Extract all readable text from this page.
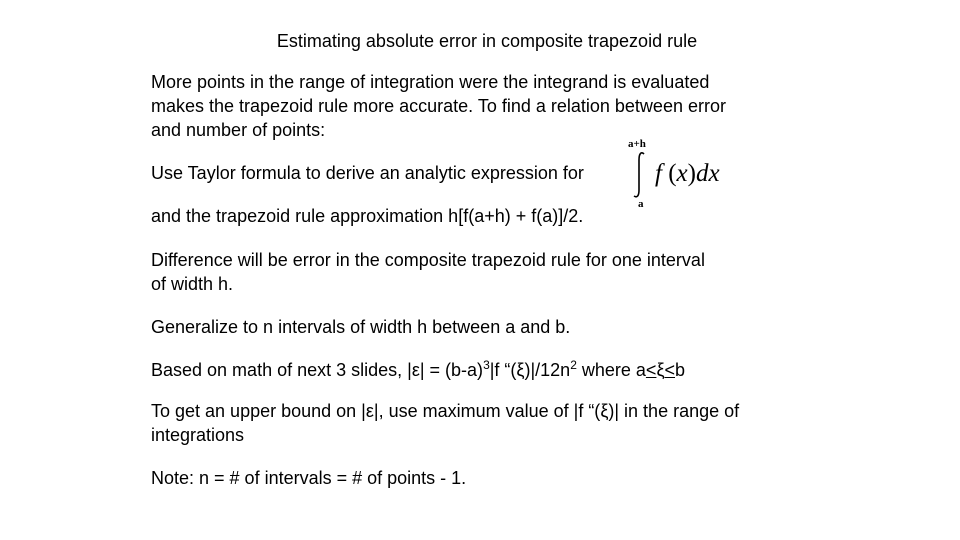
Estimating absolute error in composite trapezoid rule
More points in the range of integration were the integrand is evaluated
makes the trapezoid rule more accurate. To find a relation between error
and number of points:
Use Taylor formula to derive an analytic expression for
a+h
a
f (x)dx
and the trapezoid rule approximation h[f(a+h) + f(a)]/2.
Difference will be error in the composite trapezoid rule for one interval
of width h.
Generalize to n intervals of width h between a and b.
Based on math of next 3 slides, $|\varepsilon| = (b-a)^3|f$ “$(\xi)|/12n^2$ where a≤ξ≤b
To get an upper bound on |ε|, use maximum value of |f “(ξ)| in the range of
integrations
Note: n = # of intervals = # of points - 1.
